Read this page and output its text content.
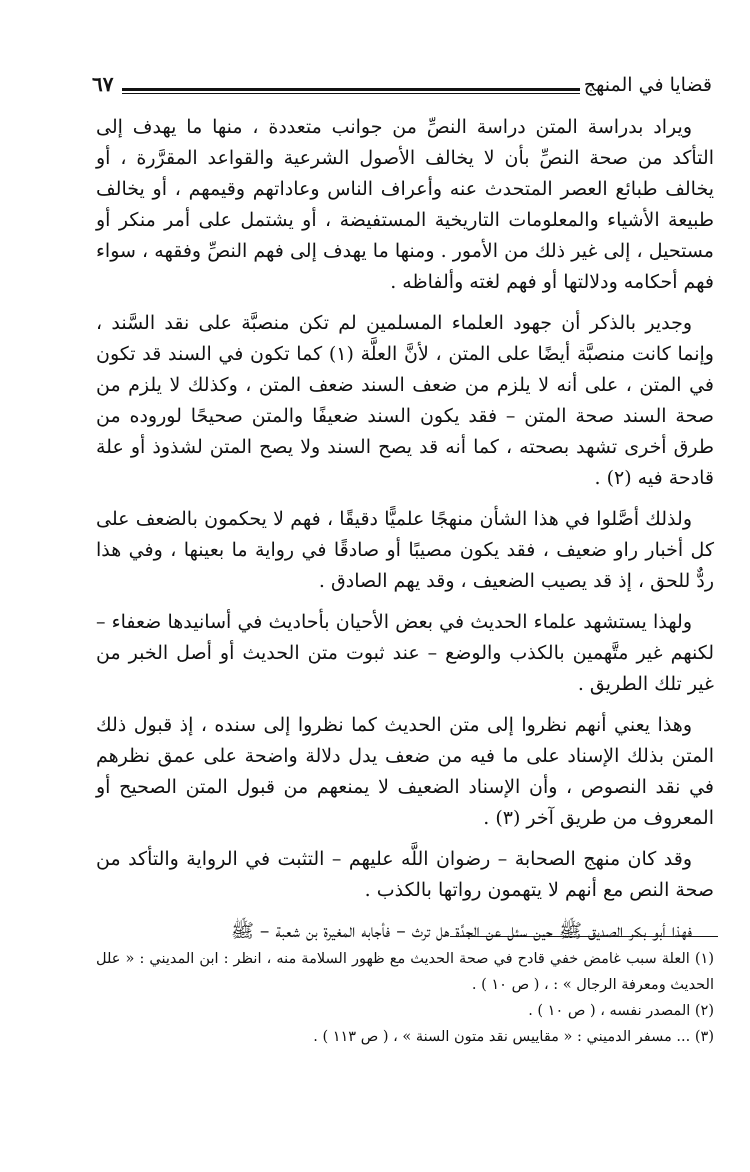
قضايا في المنهج
٦٧

ويراد بدراسة المتن دراسة النصِّ من جوانب متعددة ، منها ما يهدف إلى التأكد من صحة النصِّ بأن لا يخالف الأصول الشرعية والقواعد المقرَّرة ، أو يخالف طبائع العصر المتحدث عنه وأعراف الناس وعاداتهم وقيمهم ، أو يخالف طبيعة الأشياء والمعلومات التاريخية المستفيضة ، أو يشتمل على أمر منكر أو مستحيل ، إلى غير ذلك من الأمور . ومنها ما يهدف إلى فهم النصِّ وفقهه ، سواء فهم أحكامه ودلالتها أو فهم لغته وألفاظه .

وجدير بالذكر أن جهود العلماء المسلمين لم تكن منصبَّة على نقد السَّند ، وإنما كانت منصبَّة أيضًا على المتن ، لأنَّ العلَّة (١) كما تكون في السند قد تكون في المتن ، على أنه لا يلزم من ضعف السند ضعف المتن ، وكذلك لا يلزم من صحة السند صحة المتن – فقد يكون السند ضعيفًا والمتن صحيحًا لوروده من طرق أخرى تشهد بصحته ، كما أنه قد يصح السند ولا يصح المتن لشذوذ أو علة قادحة فيه (٢) .

ولذلك أصَّلوا في هذا الشأن منهجًا علميًّا دقيقًا ، فهم لا يحكمون بالضعف على كل أخبار راو ضعيف ، فقد يكون مصيبًا أو صادقًا في رواية ما بعينها ، وفي هذا ردٌّ للحق ، إذ قد يصيب الضعيف ، وقد يهم الصادق .

ولهذا يستشهد علماء الحديث في بعض الأحيان بأحاديث في أسانيدها ضعفاء – لكنهم غير متَّهمين بالكذب والوضع – عند ثبوت متن الحديث أو أصل الخبر من غير تلك الطريق .

وهذا يعني أنهم نظروا إلى متن الحديث كما نظروا إلى سنده ، إذ قبول ذلك المتن بذلك الإسناد على ما فيه من ضعف يدل دلالة واضحة على عمق نظرهم في نقد النصوص ، وأن الإسناد الضعيف لا يمنعهم من قبول المتن الصحيح أو المعروف من طريق آخر (٣) .

وقد كان منهج الصحابة – رضوان اللَّه عليهم – التثبت في الرواية والتأكد من صحة النص مع أنهم لا يتهمون رواتها بالكذب .

فهذا أبو بكر الصديق ﷺ حين سئل عن الجدَّة هل ترث – فأجابه المغيرة بن شعبة – ﷺ

(١) العلة سبب غامض خفي قادح في صحة الحديث مع ظهور السلامة منه ، انظر : ابن المديني : « علل الحديث ومعرفة الرجال » : ، ( ص ١٠ ) .

(٢) المصدر نفسه ، ( ص ١٠ ) .

(٣) ... مسفر الدميني : « مقاييس نقد متون السنة » ، ( ص ١١٣ ) .
